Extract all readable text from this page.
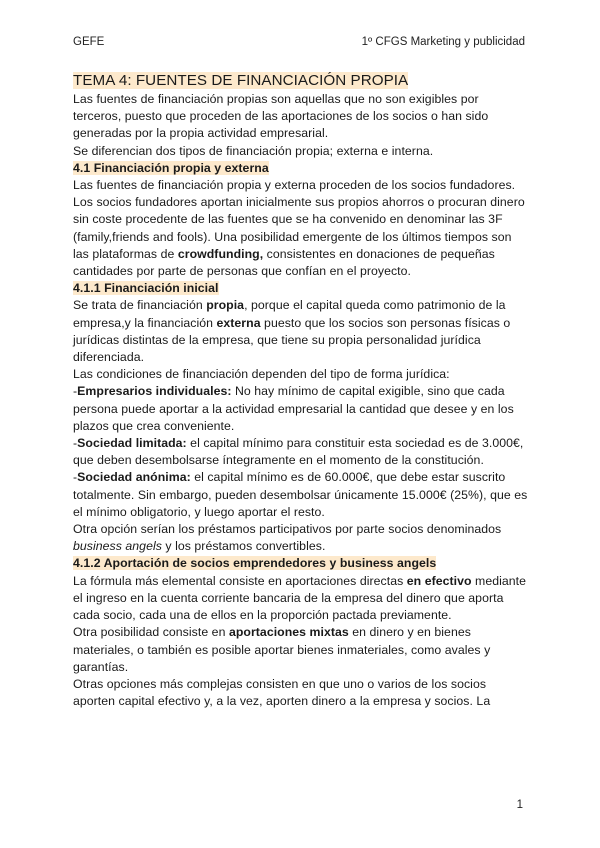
GEFE	1º CFGS Marketing y publicidad
TEMA 4: FUENTES DE FINANCIACIÓN PROPIA

Las fuentes de financiación propias son aquellas que no son exigibles por terceros, puesto que proceden de las aportaciones de los socios o han sido generadas por la propia actividad empresarial.

Se diferencian dos tipos de financiación propia; externa e interna.

4.1 Financiación propia y externa

Las fuentes de financiación propia y externa proceden de los socios fundadores.

Los socios fundadores aportan inicialmente sus propios ahorros o procuran dinero sin coste procedente de las fuentes que se ha convenido en denominar las 3F (family,friends and fools). Una posibilidad emergente de los últimos tiempos son las plataformas de crowdfunding, consistentes en donaciones de pequeñas cantidades por parte de personas que confían en el proyecto.

4.1.1 Financiación inicial

Se trata de financiación propia, porque el capital queda como patrimonio de la empresa,y la financiación externa puesto que los socios son personas físicas o jurídicas distintas de la empresa, que tiene su propia personalidad jurídica diferenciada.

Las condiciones de financiación dependen del tipo de forma jurídica:

-Empresarios individuales: No hay mínimo de capital exigible, sino que cada persona puede aportar a la actividad empresarial la cantidad que desee y en los plazos que crea conveniente.

-Sociedad limitada: el capital mínimo para constituir esta sociedad es de 3.000€, que deben desembolsarse íntegramente en el momento de la constitución.

-Sociedad anónima: el capital mínimo es de 60.000€, que debe estar suscrito totalmente. Sin embargo, pueden desembolsar únicamente 15.000€ (25%), que es el mínimo obligatorio, y luego aportar el resto.

Otra opción serían los préstamos participativos por parte socios denominados business angels y los préstamos convertibles.

4.1.2 Aportación de socios emprendedores y business angels

La fórmula más elemental consiste en aportaciones directas en efectivo mediante el ingreso en la cuenta corriente bancaria de la empresa del dinero que aporta cada socio, cada una de ellos en la proporción pactada previamente.

Otra posibilidad consiste en aportaciones mixtas en dinero y en bienes materiales, o también es posible aportar bienes inmateriales, como avales y garantías.

Otras opciones más complejas consisten en que uno o varios de los socios aporten capital efectivo y, a la vez, aporten dinero a la empresa y socios. La

1
